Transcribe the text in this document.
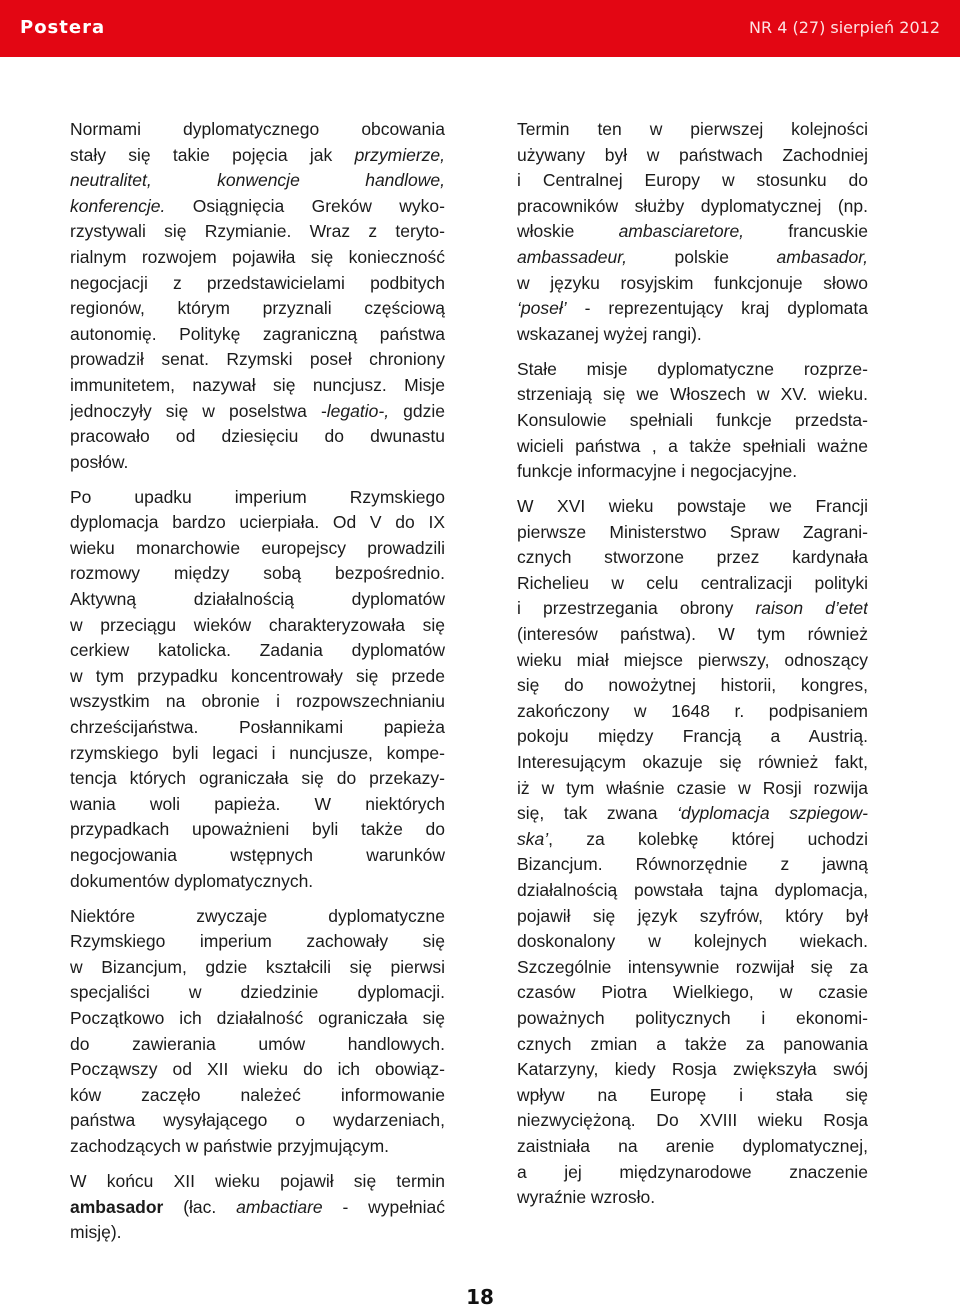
Postera	NR 4 (27) sierpień 2012
Normami dyplomatycznego obcowania
stały się takie pojęcia jak przymierze,
neutralitet, konwencje handlowe,
konferencje. Osiągnięcia Greków wyko-
rzystywali się Rzymianie. Wraz z teryto-
rialnym rozwojem pojawiła się konieczność
negocjacji z przedstawicielami podbitych
regionów, którym przyznali częściową
autonomię. Politykę zagraniczną państwa
prowadził senat. Rzymski poseł chroniony
immunitetem, nazywał się nuncjusz. Misje
jednoczyły się w poselstwa -legatio-, gdzie
pracowało od dziesięciu do dwunastu
posłów.
Po upadku imperium Rzymskiego
dyplomacja bardzo ucierpiała. Od V do IX
wieku monarchowie europejscy prowadzili
rozmowy między sobą bezpośrednio.
Aktywną działalnością dyplomatów
w przeciągu wieków charakteryzowała się
cerkiew katolicka. Zadania dyplomatów
w tym przypadku koncentrowały się przede
wszystkim na obronie i rozpowszechnianiu
chrześcijaństwa. Posłannikami papieża
rzymskiego byli legaci i nuncjusze, kompe-
tencja których ograniczała się do przekazy-
wania woli papieża. W niektórych
przypadkach upoważnieni byli także do
negocjowania wstępnych warunków
dokumentów dyplomatycznych.
Niektóre zwyczaje dyplomatyczne
Rzymskiego imperium zachowały się
w Bizancjum, gdzie kształcili się pierwsi
specjaliści w dziedzinie dyplomacji.
Początkowo ich działalność ograniczała się
do zawierania umów handlowych.
Począwszy od XII wieku do ich obowiąz-
ków zaczęło należeć informowanie
państwa wysyłającego o wydarzeniach,
zachodzących w państwie przyjmującym.
W końcu XII wieku pojawił się termin
ambasador (łac. ambactiare - wypełniać
misję).
Termin ten w pierwszej kolejności
używany był w państwach Zachodniej
i Centralnej Europy w stosunku do
pracowników służby dyplomatycznej (np.
włoskie ambasciaretore, francuskie
ambassadeur, polskie ambasador,
w języku rosyjskim funkcjonuje słowo
‘poseł’ - reprezentujący kraj dyplomata
wskazanej wyżej rangi).
Stałe misje dyplomatyczne rozprze-
strzeniają się we Włoszech w XV. wieku.
Konsulowie spełniali funkcje przedsta-
wicieli państwa , a także spełniali ważne
funkcje informacyjne i negocjacyjne.
W XVI wieku powstaje we Francji
pierwsze Ministerstwo Spraw Zagrani-
cznych stworzone przez kardynała
Richelieu w celu centralizacji polityki
i przestrzegania obrony raison d’etet
(interesów państwa). W tym również
wieku miał miejsce pierwszy, odnoszący
się do nowożytnej historii, kongres,
zakończony w 1648 r. podpisaniem
pokoju między Francją a Austrią.
Interesującym okazuje się również fakt,
iż w tym właśnie czasie w Rosji rozwija
się, tak zwana ‘dyplomacja szpiegow-
ska’, za kolebkę której uchodzi
Bizancjum. Równorzędnie z jawną
działalnością powstała tajna dyplomacja,
pojawił się język szyfrów, który był
doskonalony w kolejnych wiekach.
Szczególnie intensywnie rozwijał się za
czasów Piotra Wielkiego, w czasie
poważnych politycznych i ekonomi-
cznych zmian a także za panowania
Katarzyny, kiedy Rosja zwiększyła swój
wpływ na Europę i stała się
niezwyciężoną. Do XVIII wieku Rosja
zaistniała na arenie dyplomatycznej,
a jej międzynarodowe znaczenie
wyraźnie wzrosło.
18
